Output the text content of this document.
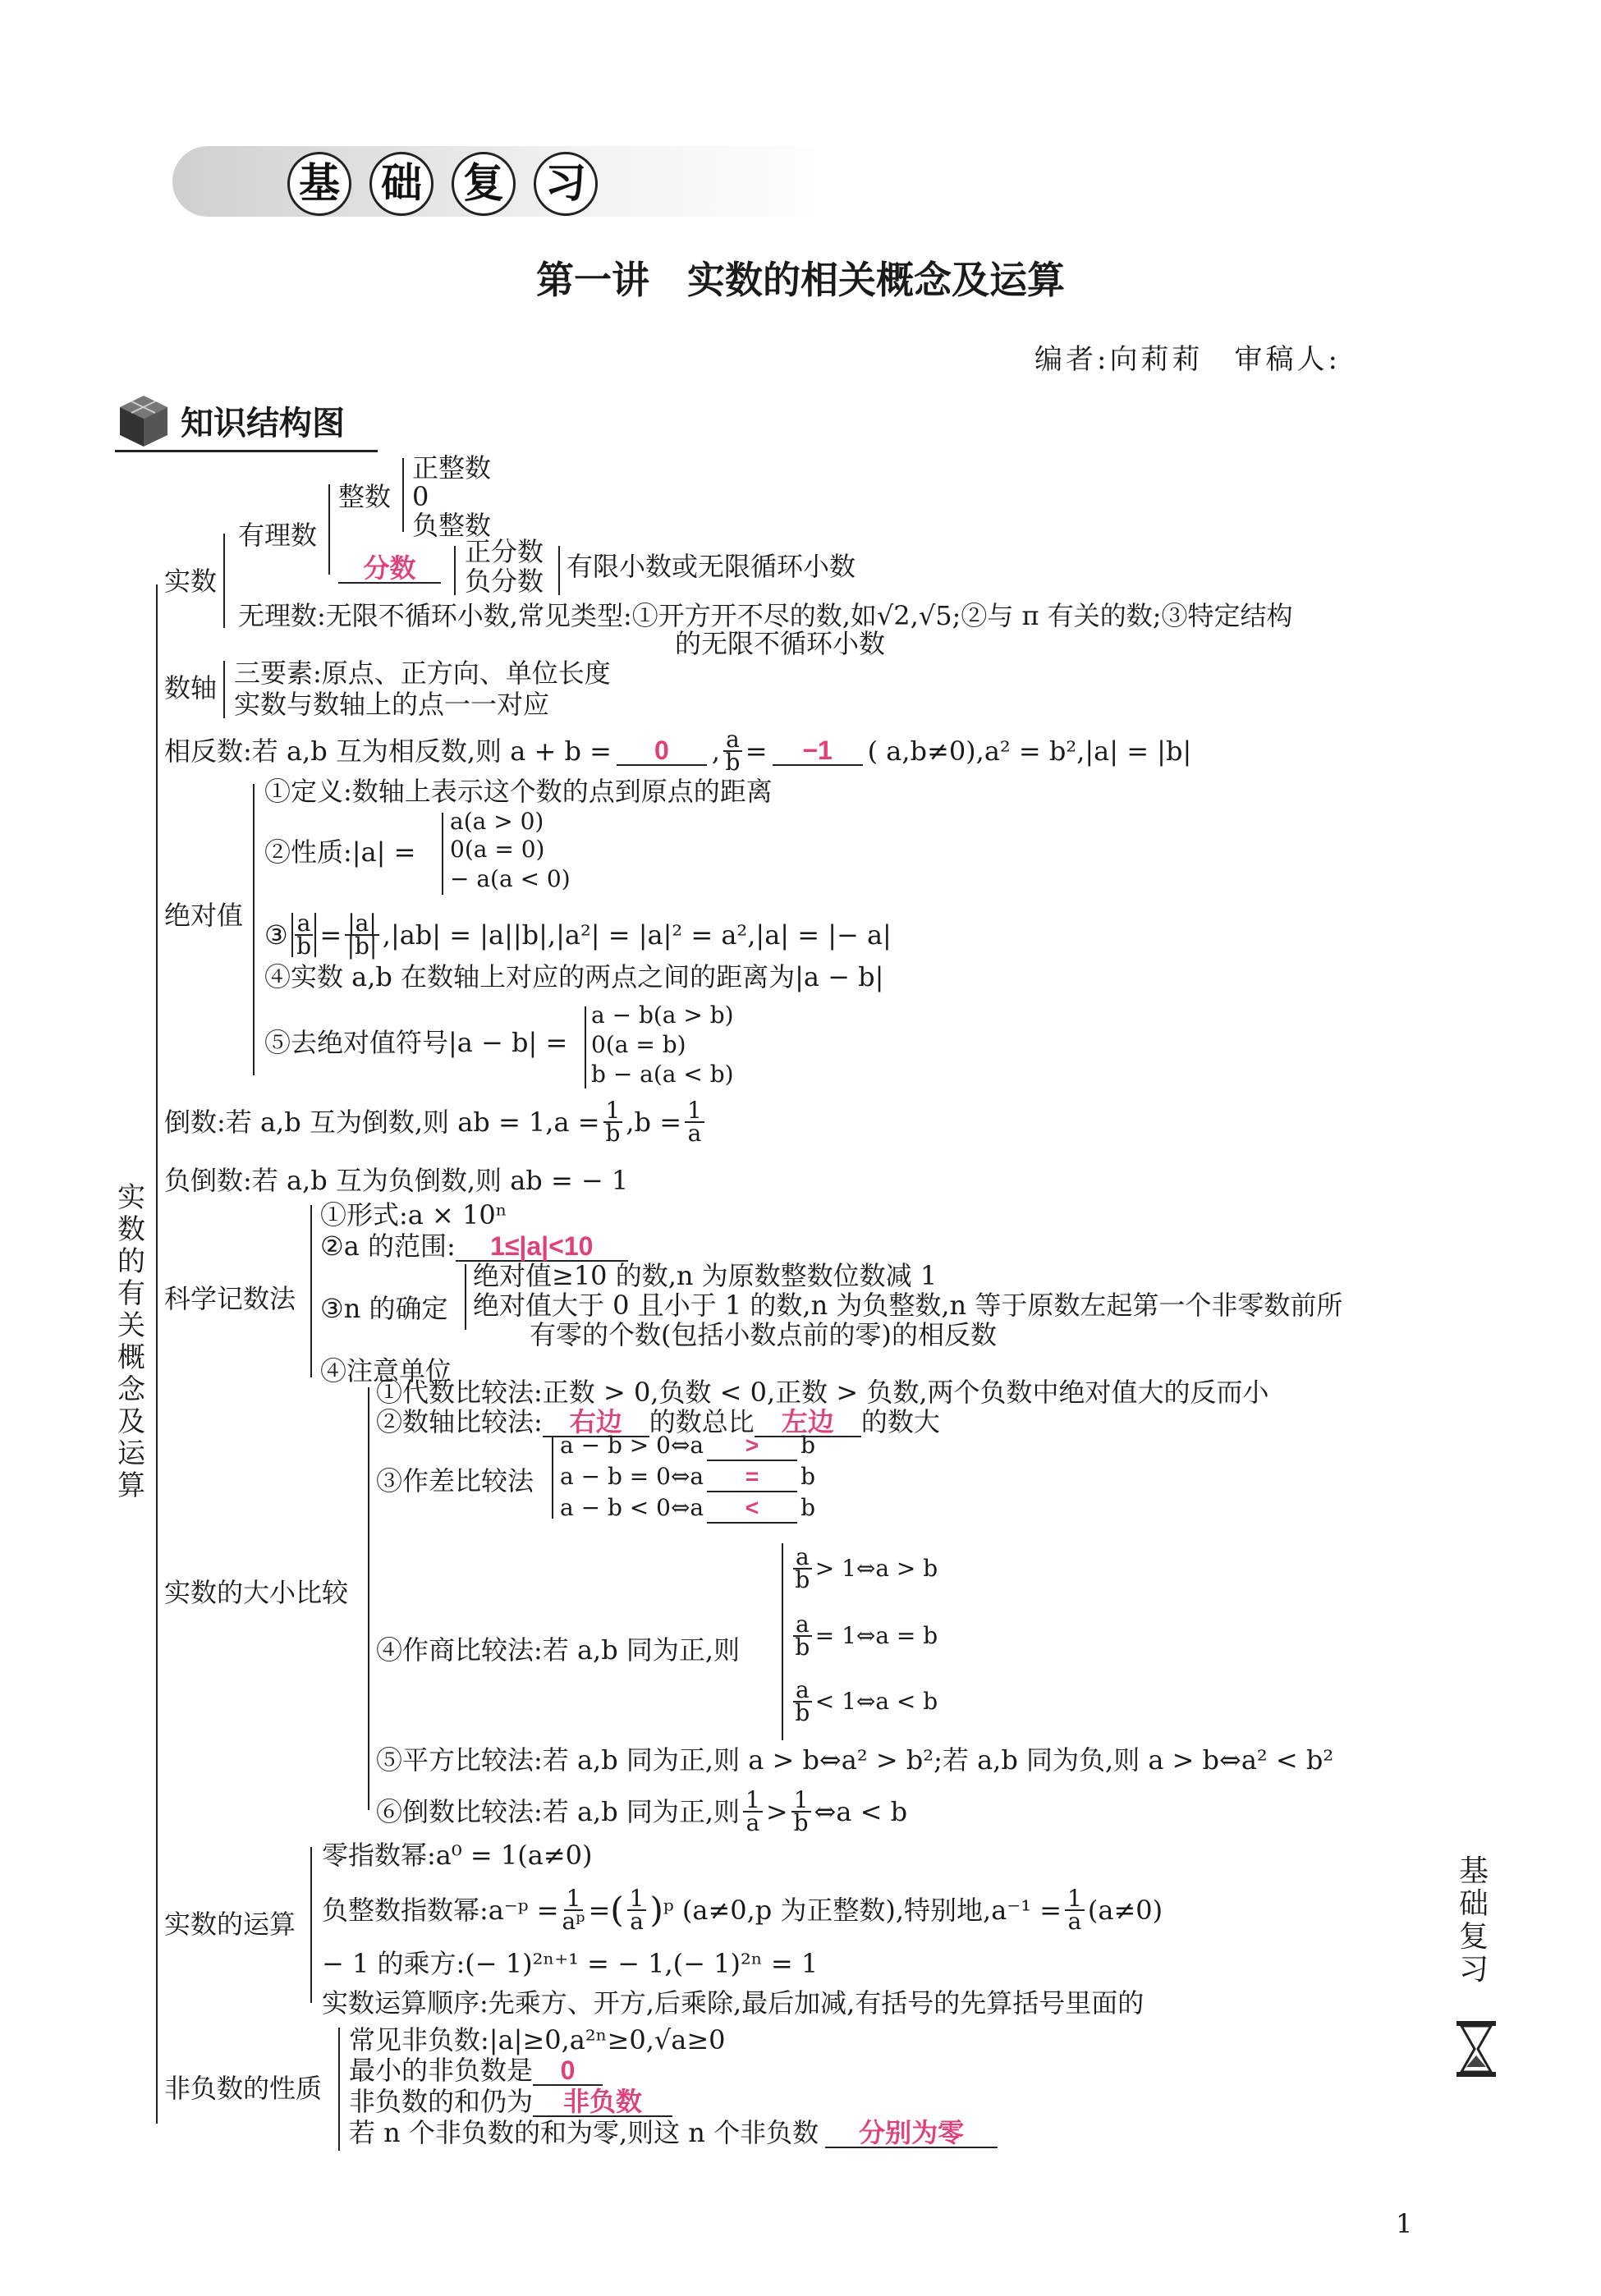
基 础 复 习
第一讲　实数的相关概念及运算
编者:向莉莉　审稿人:
知识结构图
实数的有关概念及运算
实数
有理数
整数
正整数
0
负整数
分数
正分数
负分数 有限小数或无限循环小数
无理数:无限不循环小数,常见类型:①开方开不尽的数,如√2,√5;②与 π 有关的数;③特定结构
的无限不循环小数
数轴 三要素:原点、正方向、单位长度
实数与数轴上的点一一对应
相反数:若 a,b 互为相反数,则 a + b =	0	, $\frac{a}{b}$ =	−1	( a,b≠0),a² = b²,|a| = |b|
绝对值
①定义:数轴上表示这个数的点到原点的距离
②性质:|a| =
a(a > 0)
0(a = 0)
− a(a < 0)
③ $\frac{a}{b} = \frac{|a|}{|b|} ,|ab| = |a||b|,|a^2| = |a|^2 = a^2,|a|$ = |− a|
④实数 a,b 在数轴上对应的两点之间的距离为|a − b|
⑤去绝对值符号|a − b| =
a − b(a > b)
0(a = b)
b − a(a < b)
倒数:若 a,b 互为倒数,则 ab = $1,a = \frac{1}{b} ,b = \frac{1}{a}$
负倒数:若 a,b 互为负倒数,则 ab = − 1
科学记数法
①形式:a × 10ⁿ
②a 的范围: 1≤|a|<10
③n 的确定
绝对值≥10 的数,n 为原数整数位数减 1
绝对值大于 0 且小于 1 的数,n 为负整数,n 等于原数左起第一个非零数前所
有零的个数(包括小数点前的零)的相反数
④注意单位
实数的大小比较
①代数比较法:正数 > 0,负数 < 0,正数 > 负数,两个负数中绝对值大的反而小
②数轴比较法: 右边 的数总比 左边 的数大
③作差比较法
a − b > 0⇔a > b
a − b = 0⇔a = b
a − b < 0⇔a < b
④作商比较法:若 a,b 同为正,则
$\frac{a}{b}$ > 1⇔a > b
$\frac{a}{b}$ = 1⇔a = b
$\frac{a}{b}$ < 1⇔a < b
⑤平方比较法:若 a,b 同为正,则 a > b⇔a² > b²;若 a,b 同为负,则 a > b⇔a² < b²
⑥倒数比较法:若 a,b 同为正,则 $\frac{1}{a} > \frac{1}{b}$ ⇔a < b
实数的运算
零指数幂:a⁰ = 1(a≠0)
负整数指数幂:a⁻ᵖ = $\frac{1}{\text{aᵖ}}$ = ( $\frac{1}{a}$ ) ᵖ (a≠0,p 为正整数),特别地$,a^{-1} = \frac{1}{a} (a\ne 0)$
− 1 的乘方:(− 1)²ⁿ⁺¹ = − 1,(− 1)²ⁿ = 1
实数运算顺序:先乘方、开方,后乘除,最后加减,有括号的先算括号里面的
非负数的性质
常见非负数:|a|≥0,a²ⁿ≥0,√a≥0
最小的非负数是 0
非负数的和仍为 非负数
若 n 个非负数的和为零,则这 n 个非负数 分别为零
基础复习
1
